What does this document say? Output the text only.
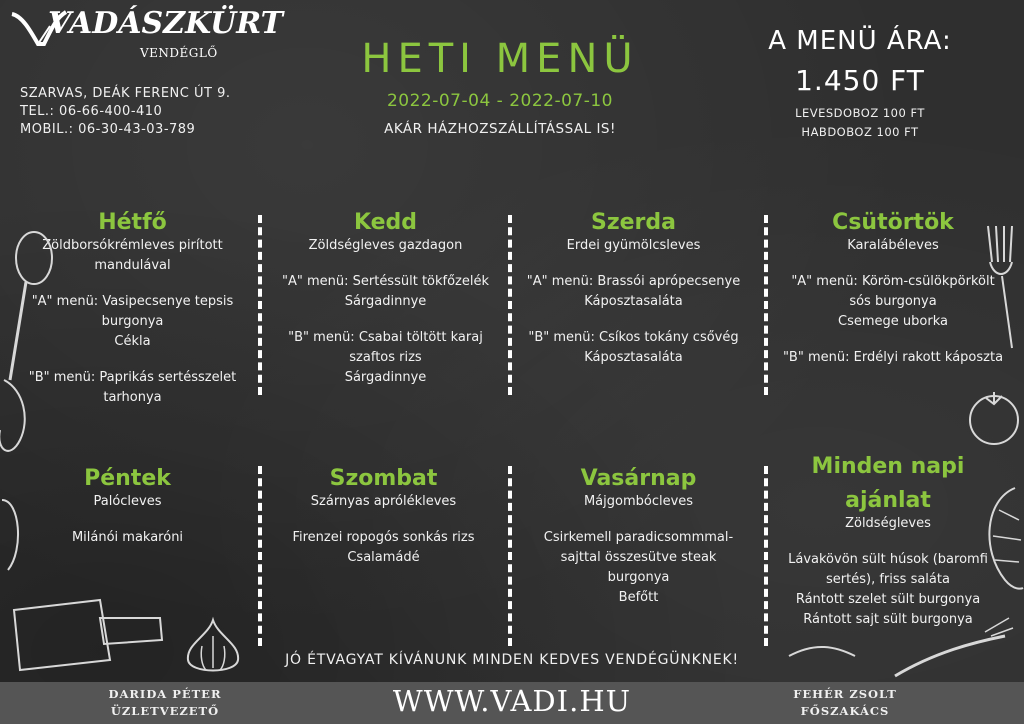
VADÁSZKÜRT
VENDÉGLŐ
SZARVAS, DEÁK FERENC ÚT 9.
TEL.: 06-66-400-410
MOBIL.: 06-30-43-03-789
HETI MENÜ
2022-07-04 - 2022-07-10
AKÁR HÁZHOZSZÁLLÍTÁSSAL IS!
A MENÜ ÁRA:
1.450 FT
LEVESDOBOZ 100 FT
HABDOBOZ 100 FT
Hétfő
Zöldborsókrémleves pirított
mandulával
"A" menü: Vasipecsenye tepsis
burgonya
Cékla
"B" menü: Paprikás sertésszelet
tarhonya
Kedd
Zöldségleves gazdagon
"A" menü: Sertéssült tökfőzelék
Sárgadinnye
"B" menü: Csabai töltött karaj
szaftos rizs
Sárgadinnye
Szerda
Erdei gyümölcsleves
"A" menü: Brassói aprópecsenye
Káposztasaláta
"B" menü: Csíkos tokány csővég
Káposztasaláta
Csütörtök
Karalábéleves
"A" menü: Köröm-csülökpörkölt
sós burgonya
Csemege uborka
"B" menü: Erdélyi rakott káposzta
Péntek
Palócleves
Milánói makaróni
Szombat
Szárnyas aprólékleves
Firenzei ropogós sonkás rizs
Csalamádé
Vasárnap
Májgombócleves
Csirkemell paradicsommmal-
sajttal összesütve steak
burgonya
Befőtt
Minden napi
ajánlat
Zöldségleves
Lávakövön sült húsok (baromfi
sertés), friss saláta
Rántott szelet sült burgonya
Rántott sajt sült burgonya
JÓ ÉTVAGYAT KÍVÁNUNK MINDEN KEDVES VENDÉGÜNKNEK!
DARIDA PÉTER
ÜZLETVEZETŐ	WWW.VADI.HU	FEHÉR ZSOLT
FŐSZAKÁCS
